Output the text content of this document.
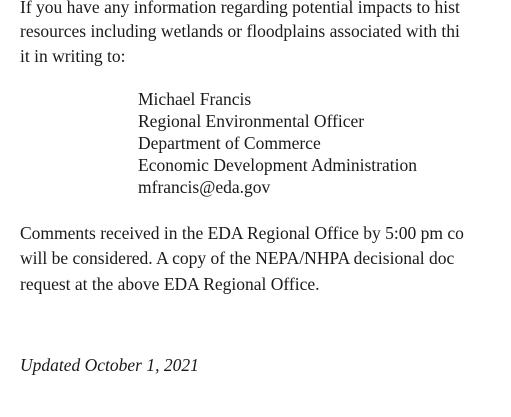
If you have any information regarding potential impacts to hist
resources including wetlands or floodplains associated with thi
it in writing to:
Michael Francis
Regional Environmental Officer
Department of Commerce
Economic Development Administration
mfrancis@eda.gov
Comments received in the EDA Regional Office by 5:00 pm co
will be considered. A copy of the NEPA/NHPA decisional doc
request at the above EDA Regional Office.
Updated October 1, 2021
